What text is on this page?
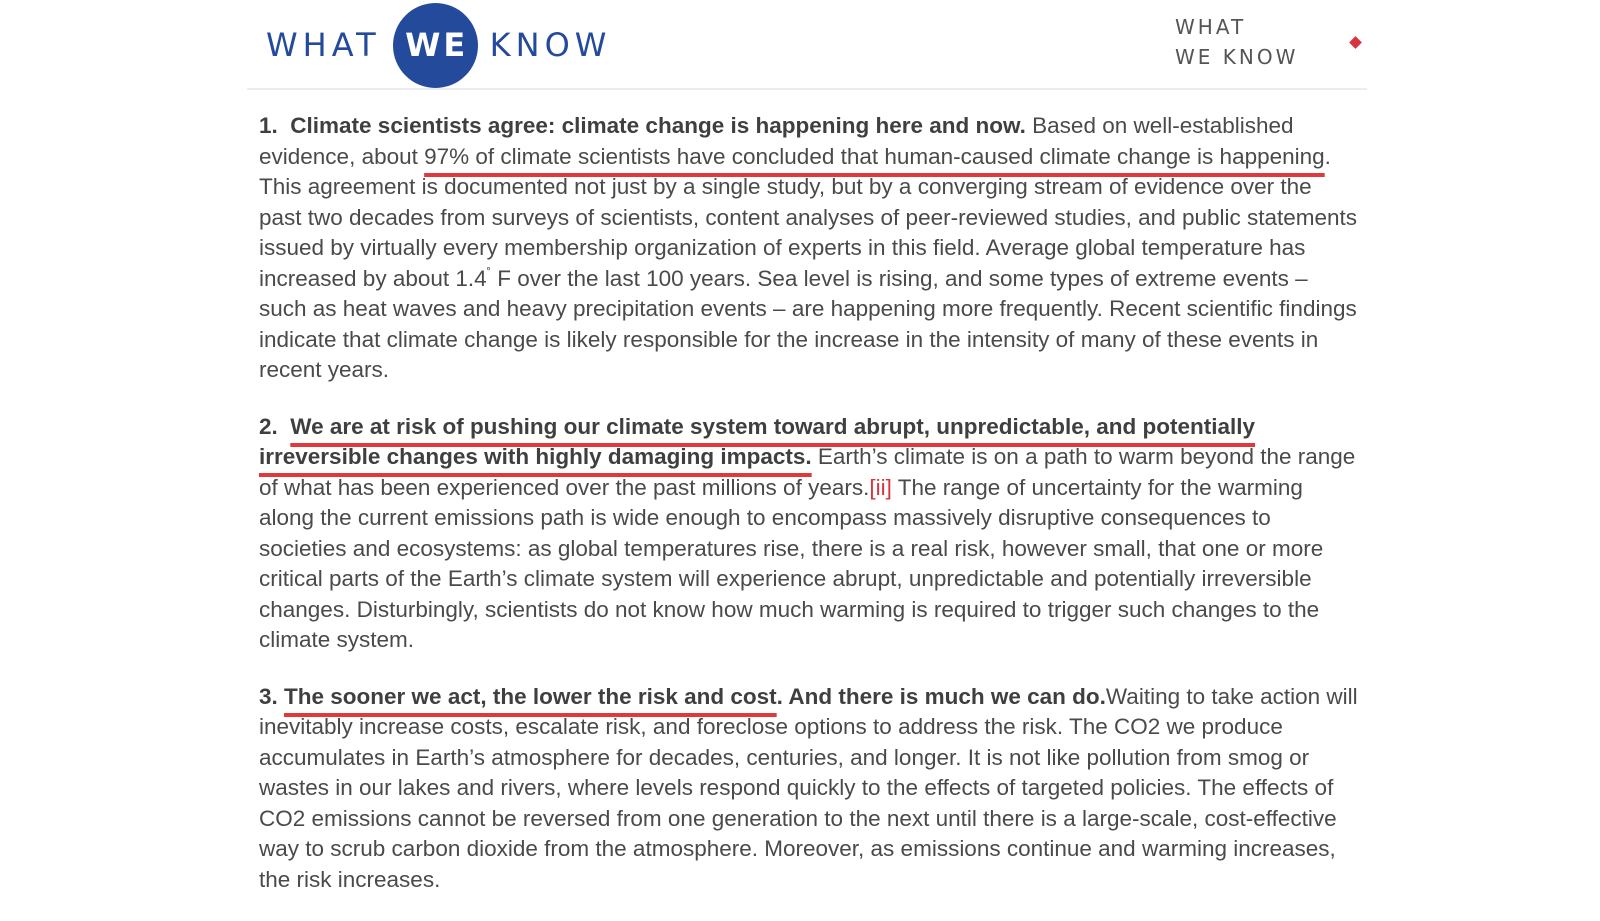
WHAT WE KNOW	WHAT
WE KNOW

1. Climate scientists agree: climate change is happening here and now. Based on well-established evidence, about 97% of climate scientists have concluded that human-caused climate change is happening. This agreement is documented not just by a single study, but by a converging stream of evidence over the past two decades from surveys of scientists, content analyses of peer-reviewed studies, and public statements issued by virtually every membership organization of experts in this field. Average global temperature has increased by about 1.4˚ F over the last 100 years. Sea level is rising, and some types of extreme events – such as heat waves and heavy precipitation events – are happening more frequently. Recent scientific findings indicate that climate change is likely responsible for the increase in the intensity of many of these events in recent years.

2. We are at risk of pushing our climate system toward abrupt, unpredictable, and potentially irreversible changes with highly damaging impacts. Earth’s climate is on a path to warm beyond the range of what has been experienced over the past millions of years.[ii] The range of uncertainty for the warming along the current emissions path is wide enough to encompass massively disruptive consequences to societies and ecosystems: as global temperatures rise, there is a real risk, however small, that one or more critical parts of the Earth’s climate system will experience abrupt, unpredictable and potentially irreversible changes. Disturbingly, scientists do not know how much warming is required to trigger such changes to the climate system.

3. The sooner we act, the lower the risk and cost. And there is much we can do.Waiting to take action will inevitably increase costs, escalate risk, and foreclose options to address the risk. The CO2 we produce accumulates in Earth’s atmosphere for decades, centuries, and longer. It is not like pollution from smog or wastes in our lakes and rivers, where levels respond quickly to the effects of targeted policies. The effects of CO2 emissions cannot be reversed from one generation to the next until there is a large-scale, cost-effective way to scrub carbon dioxide from the atmosphere. Moreover, as emissions continue and warming increases, the risk increases.
